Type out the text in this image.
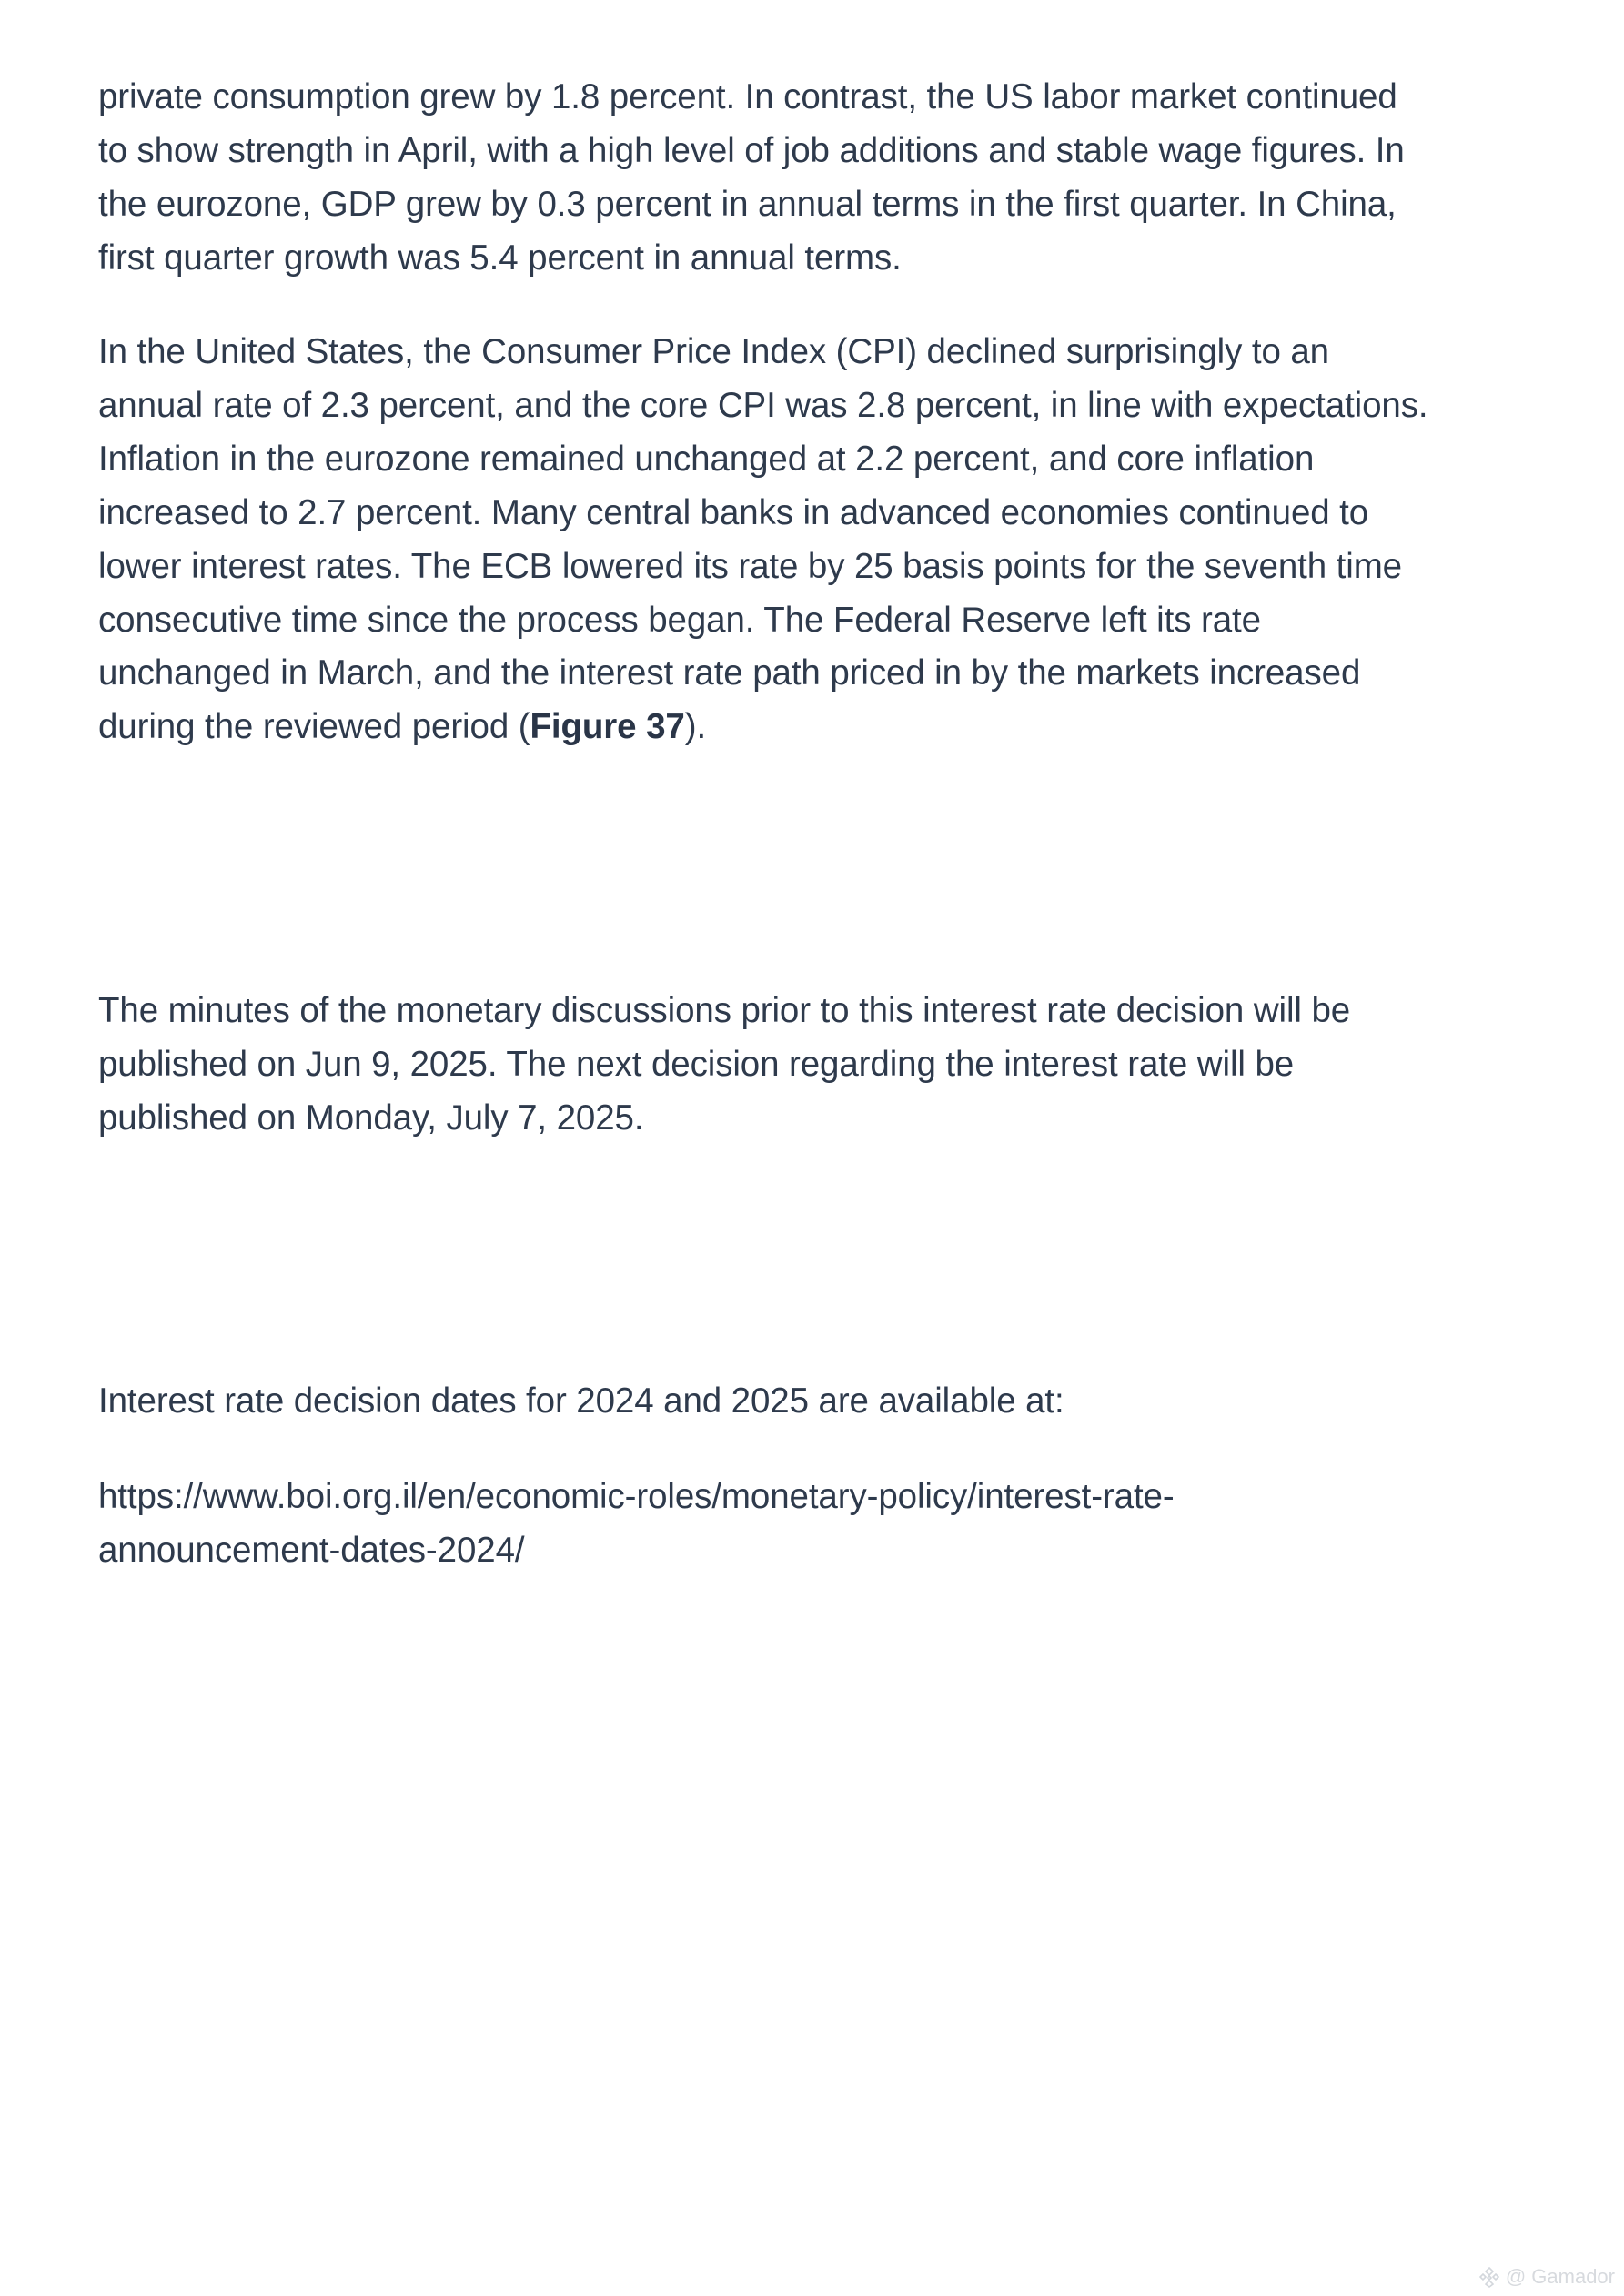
private consumption grew by 1.8 percent. In contrast, the US labor market continued
to show strength in April, with a high level of job additions and stable wage figures. In
the eurozone, GDP grew by 0.3 percent in annual terms in the first quarter. In China,
first quarter growth was 5.4 percent in annual terms.

In the United States, the Consumer Price Index (CPI) declined surprisingly to an
annual rate of 2.3 percent, and the core CPI was 2.8 percent, in line with expectations.
Inflation in the eurozone remained unchanged at 2.2 percent, and core inflation
increased to 2.7 percent. Many central banks in advanced economies continued to
lower interest rates. The ECB lowered its rate by 25 basis points for the seventh time
consecutive time since the process began. The Federal Reserve left its rate
unchanged in March, and the interest rate path priced in by the markets increased
during the reviewed period (Figure 37).

The minutes of the monetary discussions prior to this interest rate decision will be
published on Jun 9, 2025. The next decision regarding the interest rate will be
published on Monday, July 7, 2025.

Interest rate decision dates for 2024 and 2025 are available at:

https://www.boi.org.il/en/economic-roles/monetary-policy/interest-rate-
announcement-dates-2024/

@ Gamador
